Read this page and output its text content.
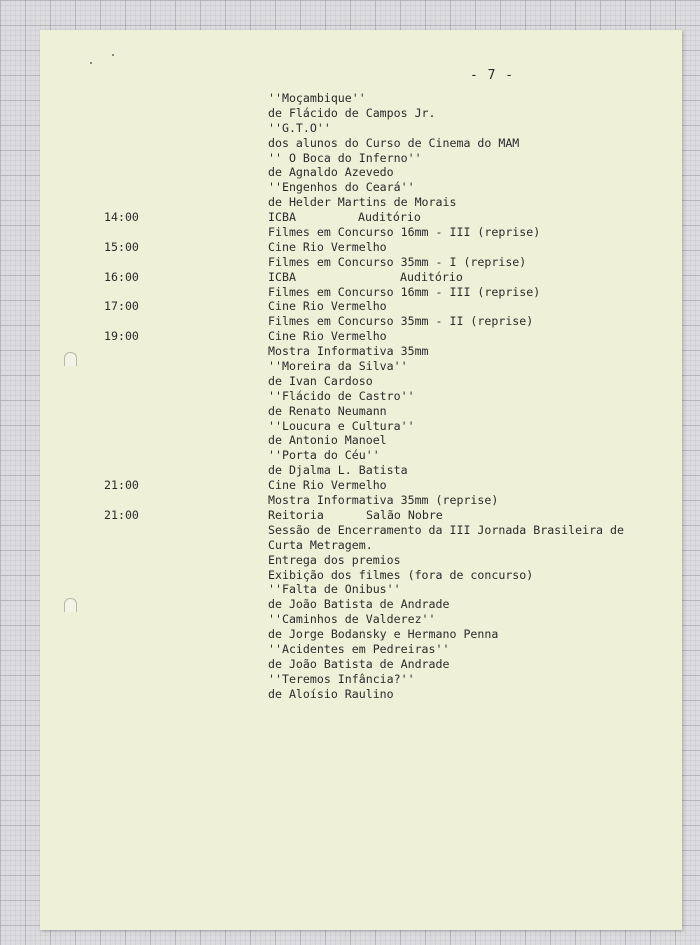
- 7 -
''Moçambique''
de Flácido de Campos Jr.
''G.T.O''
dos alunos do Curso de Cinema do MAM
'' O Boca do Inferno''
de Agnaldo Azevedo
''Engenhos do Ceará''
de Helder Martins de Morais
14:00	ICBA	Auditório
Filmes em Concurso 16mm - III (reprise)
15:00	Cine Rio Vermelho
Filmes em Concurso 35mm - I (reprise)
16:00	ICBA	Auditório
Filmes em Concurso 16mm - III (reprise)
17:00	Cine Rio Vermelho
Filmes em Concurso 35mm - II (reprise)
19:00	Cine Rio Vermelho
Mostra Informativa 35mm
''Moreira da Silva''
de Ivan Cardoso
''Flácido de Castro''
de Renato Neumann
''Loucura e Cultura''
de Antonio Manoel
''Porta do Céu''
de Djalma L. Batista
21:00	Cine Rio Vermelho
Mostra Informativa 35mm (reprise)
21:00	Reitoria	Salão Nobre
Sessão de Encerramento da III Jornada Brasileira de
Curta Metragem.
Entrega dos premios
Exibição dos filmes (fora de concurso)
''Falta de Onibus''
de João Batista de Andrade
''Caminhos de Valderez''
de Jorge Bodansky e Hermano Penna
''Acidentes em Pedreiras''
de João Batista de Andrade
''Teremos Infância?''
de Aloísio Raulino
